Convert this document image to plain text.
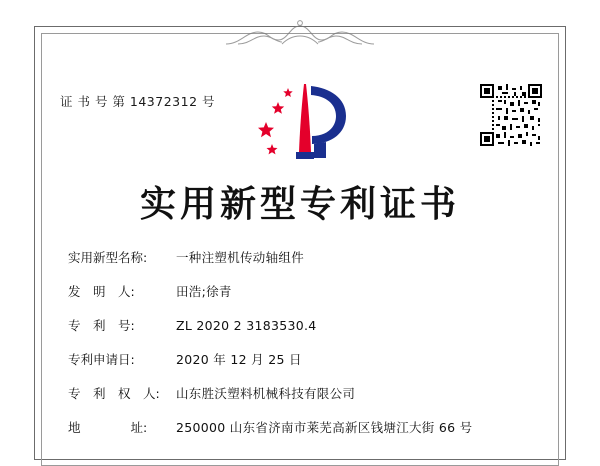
证 书 号 第 14372312 号
实用新型专利证书
实用新型名称:	一种注塑机传动轴组件
发　明　人:	田浩;徐青
专　利　号:	ZL 2020 2 3183530.4
专利申请日:	2020 年 12 月 25 日
专　利　权　人:	山东胜沃塑料机械科技有限公司
地　　　　址:	250000 山东省济南市莱芜高新区钱塘江大街 66 号
